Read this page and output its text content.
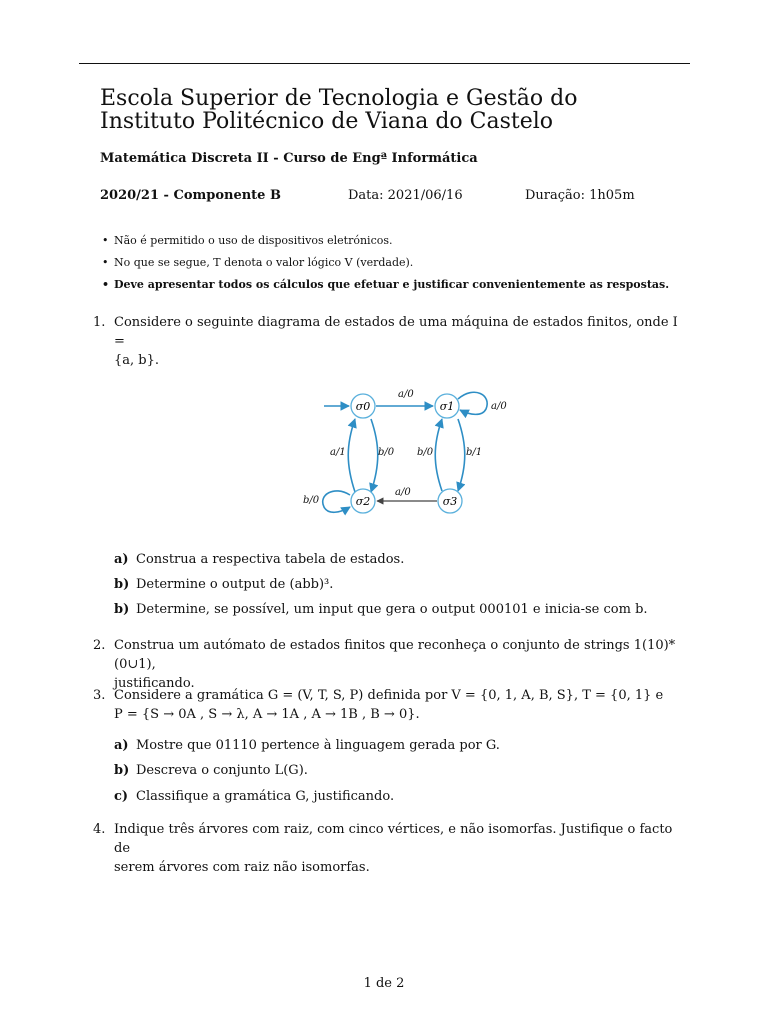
Escola Superior de Tecnologia e Gestão do
Instituto Politécnico de Viana do Castelo
Matemática Discreta II - Curso de Engª Informática
2020/21 - Componente B	Data: 2021/06/16	Duração: 1h05m
• Não é permitido o uso de dispositivos eletrónicos.
• No que se segue, T denota o valor lógico V (verdade).
• Deve apresentar todos os cálculos que efetuar e justificar convenientemente as respostas.
1. Considere o seguinte diagrama de estados de uma máquina de estados finitos, onde I =
{a, b}.
σ0	σ1
σ2	σ3
a/0
a/0
a/1	b/0 b/0	b/1
b/0
a/0
a) Construa a respectiva tabela de estados.
b) Determine o output de (abb)³.
b) Determine, se possível, um input que gera o output 000101 e inicia-se com b.
2. Construa um autómato de estados finitos que reconheça o conjunto de strings 1(10)*(0∪1),
justificando.
3. Considere a gramática G = (V, T, S, P) definida por V = {0, 1, A, B, S}, T = {0, 1} e
P = {S → 0A , S → λ, A → 1A , A → 1B , B → 0}.
a) Mostre que 01110 pertence à linguagem gerada por G.
b) Descreva o conjunto L(G).
c) Classifique a gramática G, justificando.
4. Indique três árvores com raiz, com cinco vértices, e não isomorfas. Justifique o facto de
serem árvores com raiz não isomorfas.
1 de 2
